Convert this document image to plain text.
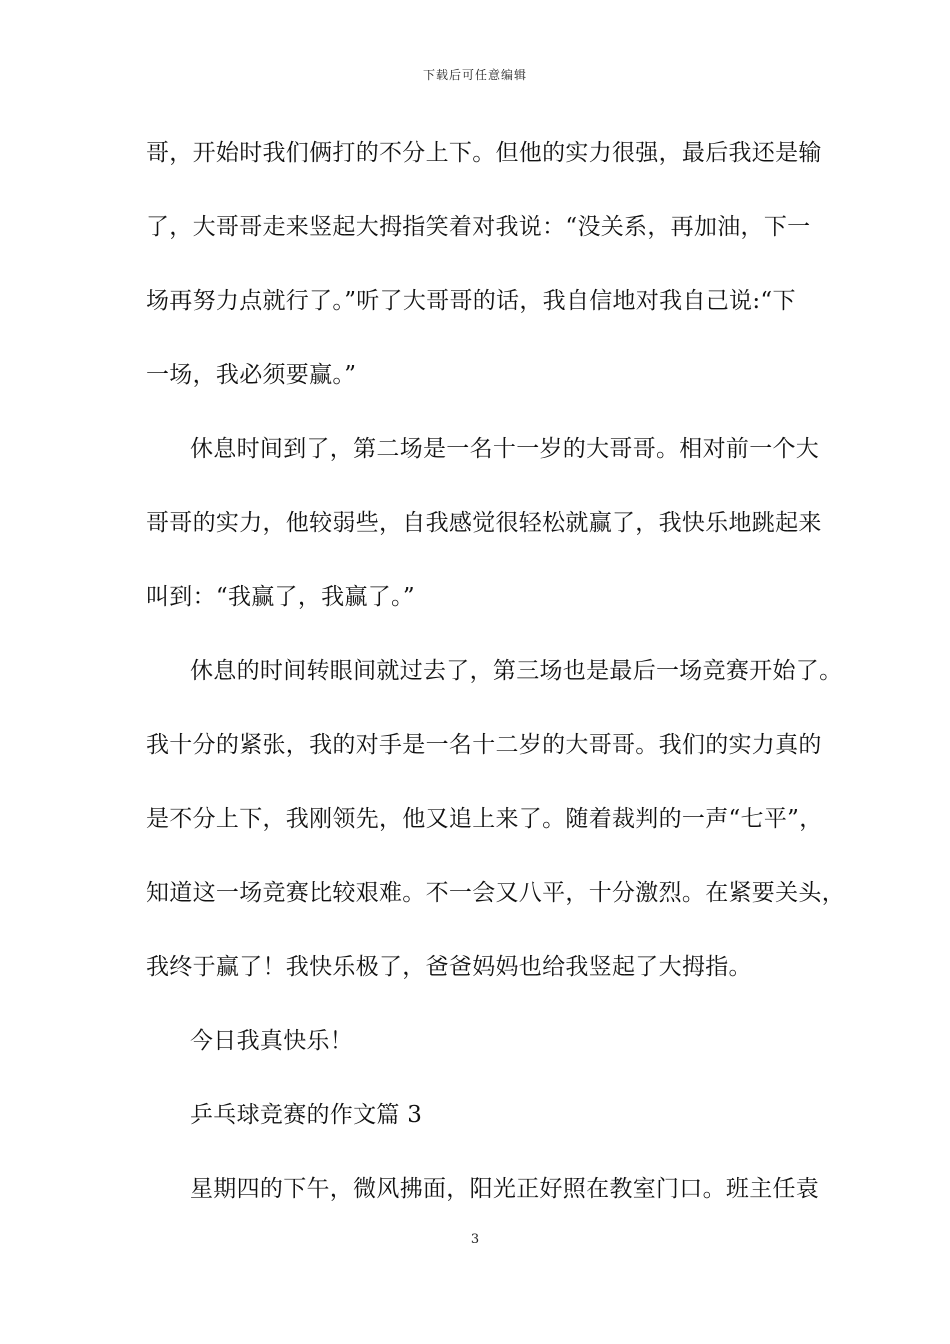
下载后可任意编辑
哥，开始时我们俩打的不分上下。但他的实力很强，最后我还是输
了，大哥哥走来竖起大拇指笑着对我说：“没关系，再加油，下一
场再努力点就行了。”听了大哥哥的话，我自信地对我自己说:“下
一场，我必须要赢。”
休息时间到了，第二场是一名十一岁的大哥哥。相对前一个大
哥哥的实力，他较弱些，自我感觉很轻松就赢了，我快乐地跳起来
叫到：“我赢了，我赢了。”
休息的时间转眼间就过去了，第三场也是最后一场竞赛开始了。
我十分的紧张，我的对手是一名十二岁的大哥哥。我们的实力真的
是不分上下，我刚领先，他又追上来了。随着裁判的一声“七平”，
知道这一场竞赛比较艰难。不一会又八平，十分激烈。在紧要关头，
我终于赢了！我快乐极了，爸爸妈妈也给我竖起了大拇指。
今日我真快乐！
乒乓球竞赛的作文篇 3
星期四的下午，微风拂面，阳光正好照在教室门口。班主任袁
3
